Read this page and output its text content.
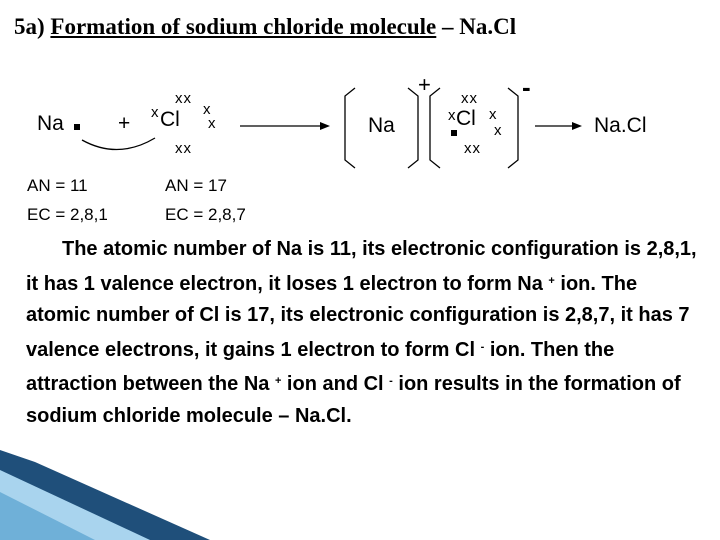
5a) Formation of sodium chloride molecule – Na.Cl
Na	+
xx
x	x
Cl x
xx
AN = 11
EC = 2,8,1
AN = 17
EC = 2,8,7
Na
+
xx
x Cl x
x
xx
-
Na.Cl
The atomic number of Na is 11, its electronic configuration is 2,8,1, it has 1 valence electron, it loses 1 electron to form Na + ion. The atomic number of Cl is 17, its electronic configuration is 2,8,7, it has 7 valence electrons, it gains 1 electron to form Cl - ion. Then the attraction between the Na + ion and Cl - ion results in the formation of sodium chloride molecule – Na.Cl.
